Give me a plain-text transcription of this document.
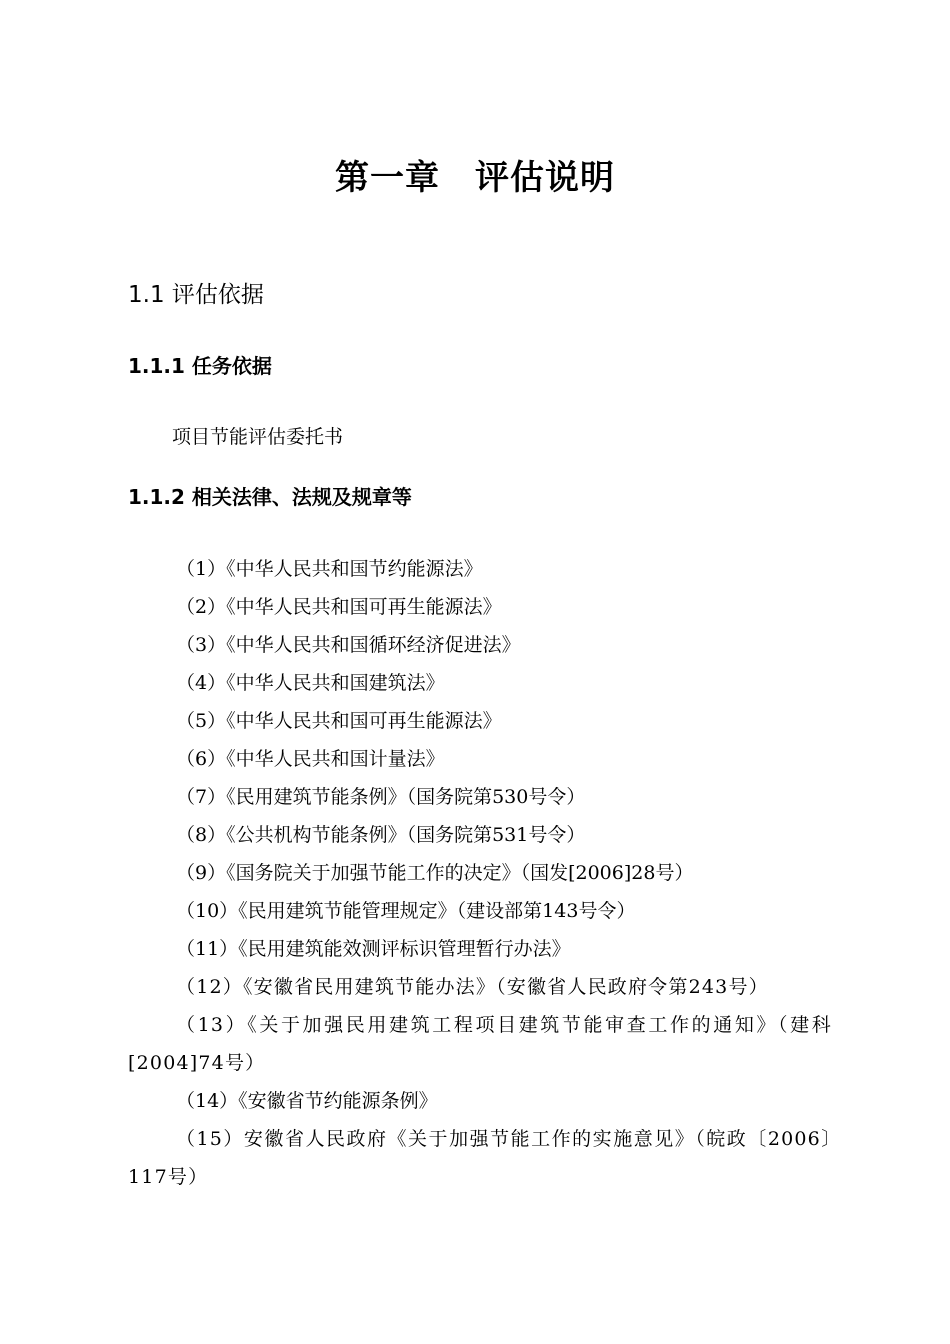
第一章　评估说明
1.1 评估依据
1.1.1 任务依据
项目节能评估委托书
1.1.2 相关法律、法规及规章等
（1）《中华人民共和国节约能源法》
（2）《中华人民共和国可再生能源法》
（3）《中华人民共和国循环经济促进法》
（4）《中华人民共和国建筑法》
（5）《中华人民共和国可再生能源法》
（6）《中华人民共和国计量法》
（7）《民用建筑节能条例》（国务院第530号令）
（8）《公共机构节能条例》（国务院第531号令）
（9）《国务院关于加强节能工作的决定》（国发[2006]28号）
（10）《民用建筑节能管理规定》（建设部第143号令）
（11）《民用建筑能效测评标识管理暂行办法》
（12）《安徽省民用建筑节能办法》（安徽省人民政府令第243号）
（13）《关于加强民用建筑工程项目建筑节能审查工作的通知》（建科[2004]74号）
（14）《安徽省节约能源条例》
（15）安徽省人民政府《关于加强节能工作的实施意见》（皖政〔2006〕117号）
